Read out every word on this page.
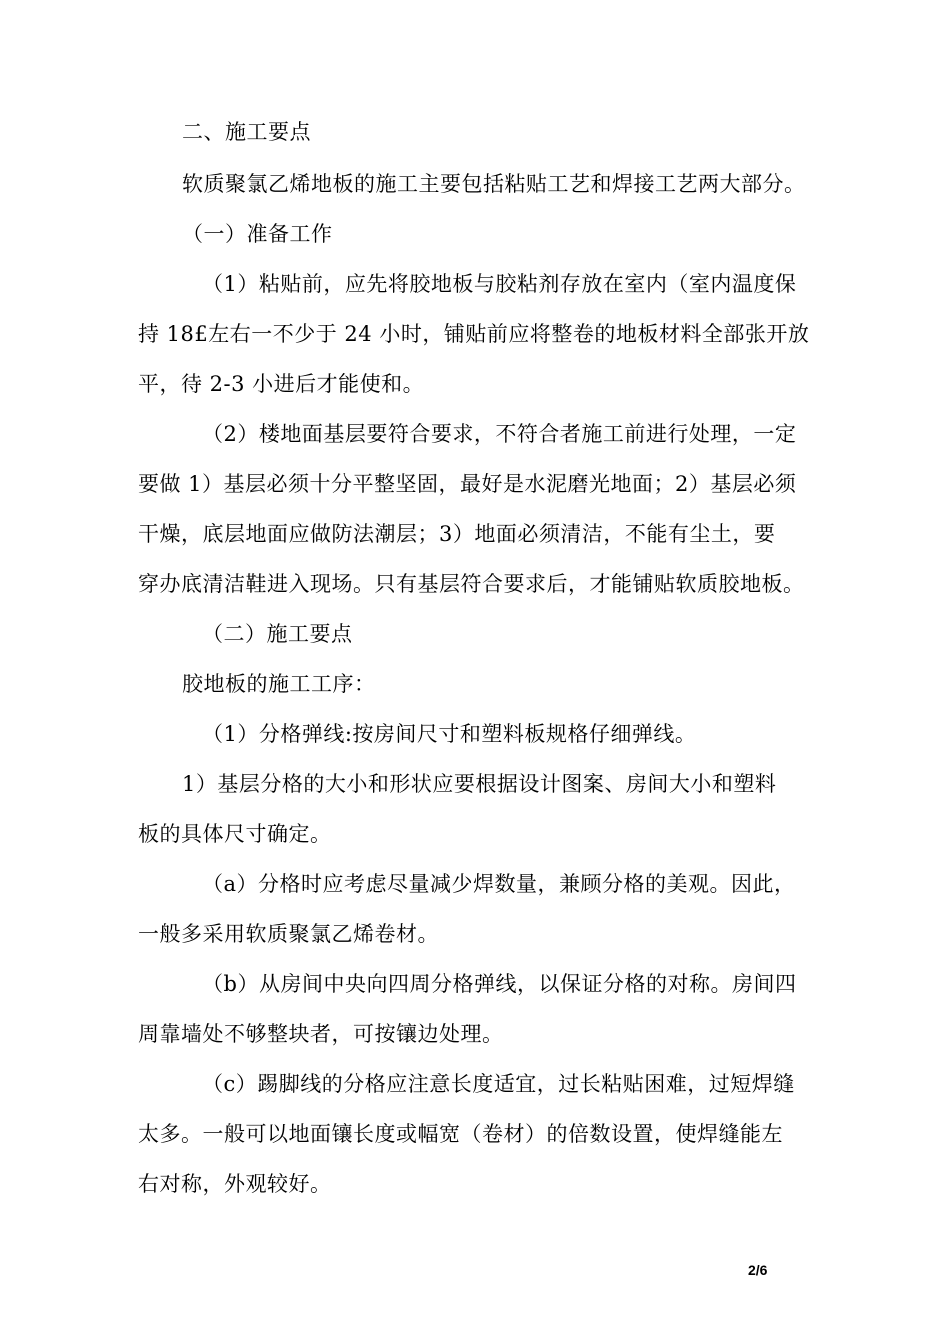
二、施工要点
软质聚氯乙烯地板的施工主要包括粘贴工艺和焊接工艺两大部分。
（一）准备工作
（1）粘贴前，应先将胶地板与胶粘剂存放在室内（室内温度保
持 18£左右一不少于 24 小时，铺贴前应将整卷的地板材料全部张开放
平，待 2-3 小进后才能使和。
（2）楼地面基层要符合要求，不符合者施工前进行处理，一定
要做 1）基层必须十分平整坚固，最好是水泥磨光地面；2）基层必须
干燥，底层地面应做防法潮层；3）地面必须清洁，不能有尘土，要
穿办底清洁鞋进入现场。只有基层符合要求后，才能铺贴软质胶地板。
（二）施工要点
胶地板的施工工序：
（1）分格弹线:按房间尺寸和塑料板规格仔细弹线。
1）基层分格的大小和形状应要根据设计图案、房间大小和塑料
板的具体尺寸确定。
（a）分格时应考虑尽量减少焊数量，兼顾分格的美观。因此，
一般多采用软质聚氯乙烯卷材。
（b）从房间中央向四周分格弹线，以保证分格的对称。房间四
周靠墙处不够整块者，可按镶边处理。
（c）踢脚线的分格应注意长度适宜，过长粘贴困难，过短焊缝
太多。一般可以地面镶长度或幅宽（卷材）的倍数设置，使焊缝能左
右对称，外观较好。
2/6
